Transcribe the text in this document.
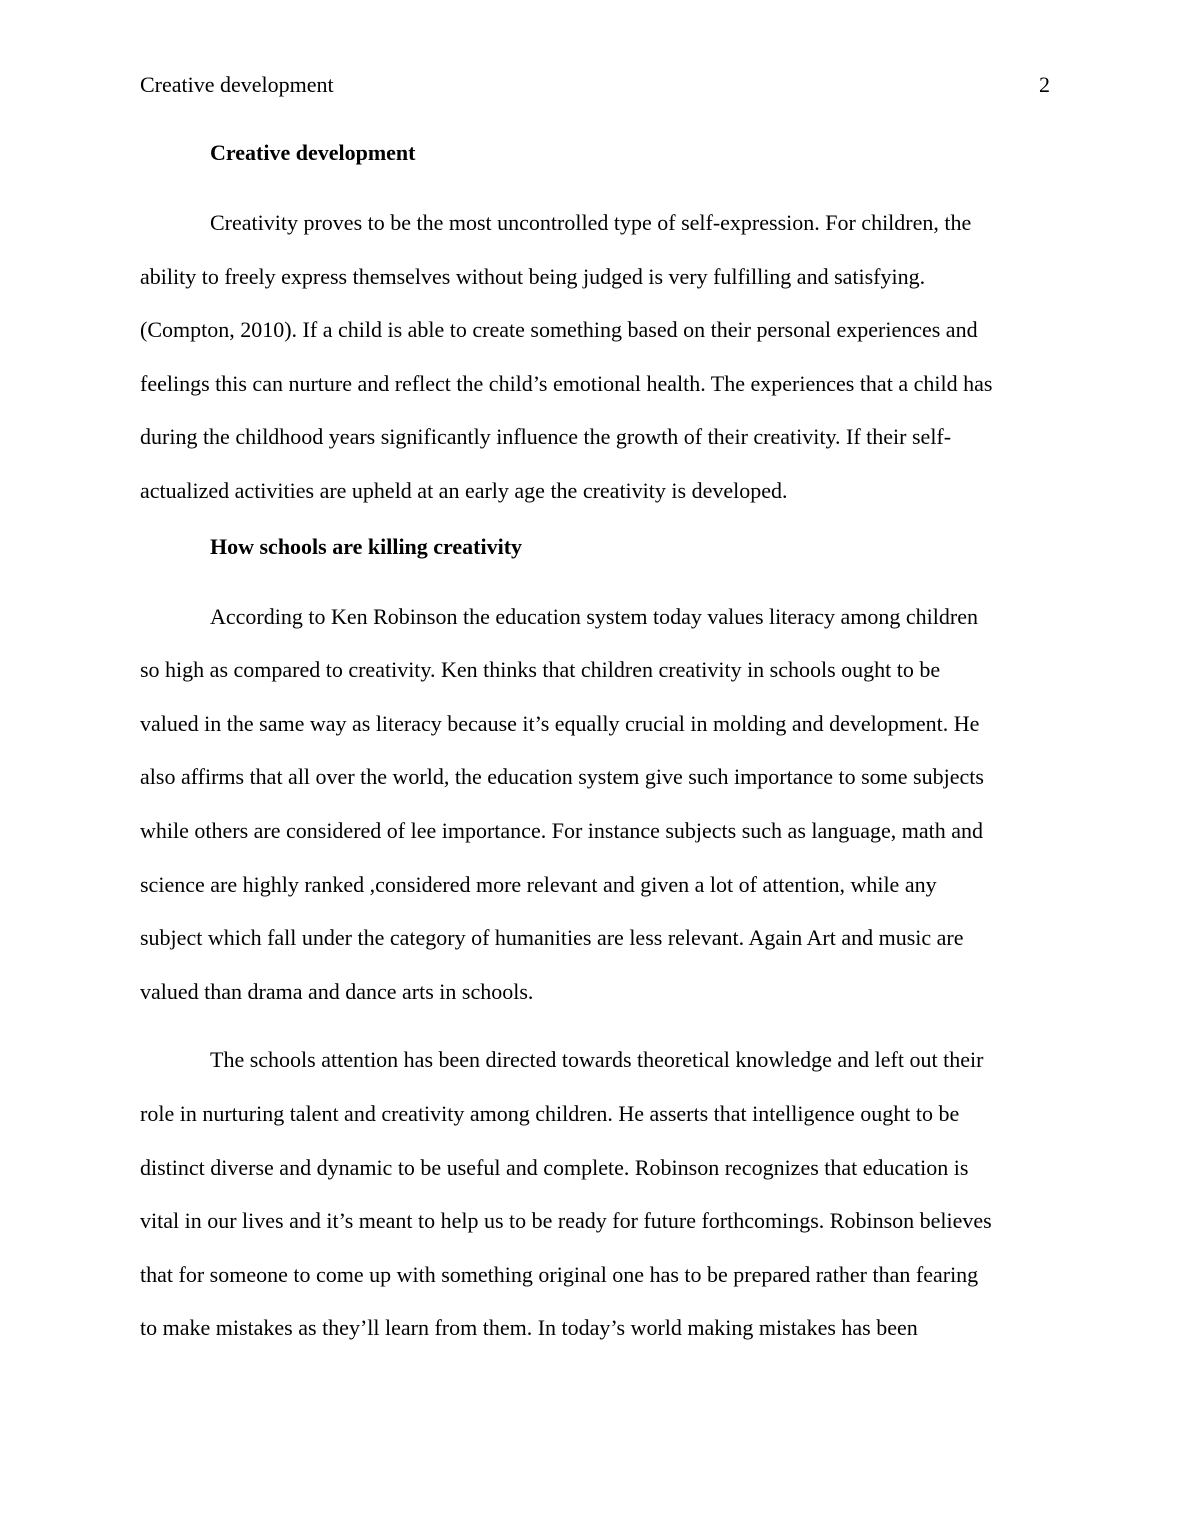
Creative development	2
Creative development

Creativity proves to be the most uncontrolled type of self-expression. For children, the
ability to freely express themselves without being judged is very fulfilling and satisfying.
(Compton, 2010). If a child is able to create something based on their personal experiences and
feelings this can nurture and reflect the child’s emotional health. The experiences that a child has
during the childhood years significantly influence the growth of their creativity. If their self-
actualized activities are upheld at an early age the creativity is developed.

How schools are killing creativity

According to Ken Robinson the education system today values literacy among children
so high as compared to creativity. Ken thinks that children creativity in schools ought to be
valued in the same way as literacy because it’s equally crucial in molding and development. He
also affirms that all over the world, the education system give such importance to some subjects
while others are considered of lee importance. For instance subjects such as language, math and
science are highly ranked ,considered more relevant and given a lot of attention, while any
subject which fall under the category of humanities are less relevant. Again Art and music are
valued than drama and dance arts in schools.

The schools attention has been directed towards theoretical knowledge and left out their
role in nurturing talent and creativity among children. He asserts that intelligence ought to be
distinct diverse and dynamic to be useful and complete. Robinson recognizes that education is
vital in our lives and it’s meant to help us to be ready for future forthcomings. Robinson believes
that for someone to come up with something original one has to be prepared rather than fearing
to make mistakes as they’ll learn from them. In today’s world making mistakes has been
